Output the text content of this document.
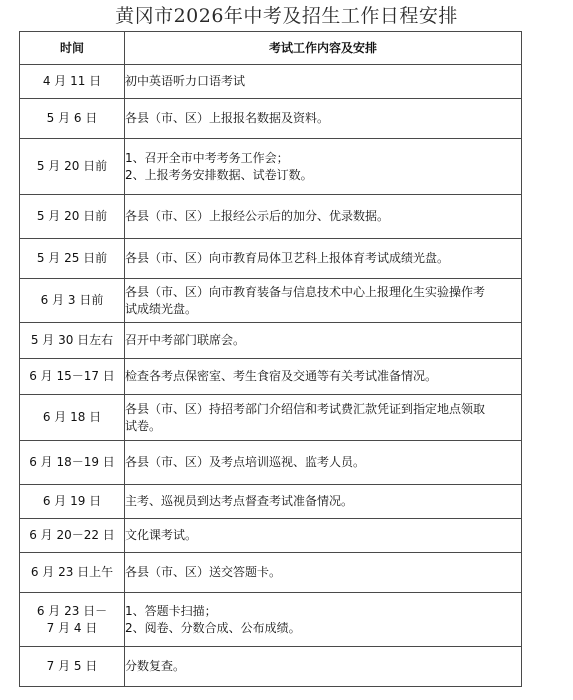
黄冈市2026年中考及招生工作日程安排
时间	考试工作内容及安排

4 月 11 日	初中英语听力口语考试

5 月 6 日	各县（市、区）上报报名数据及资料。

5 月 20 日前	1、召开全市中考考务工作会；
2、上报考务安排数据、试卷订数。

5 月 20 日前	各县（市、区）上报经公示后的加分、优录数据。

5 月 25 日前	各县（市、区）向市教育局体卫艺科上报体育考试成绩光盘。

6 月 3 日前	各县（市、区）向市教育装备与信息技术中心上报理化生实验操作考
试成绩光盘。

5 月 30 日左右	召开中考部门联席会。

6 月 15－17 日	检查各考点保密室、考生食宿及交通等有关考试准备情况。

6 月 18 日	各县（市、区）持招考部门介绍信和考试费汇款凭证到指定地点领取
试卷。

6 月 18－19 日	各县（市、区）及考点培训巡视、监考人员。

6 月 19 日	主考、巡视员到达考点督查考试准备情况。

6 月 20－22 日	文化课考试。

6 月 23 日上午	各县（市、区）送交答题卡。

6 月 23 日－
7 月 4 日	1、答题卡扫描；
2、阅卷、分数合成、公布成绩。

7 月 5 日	分数复查。
